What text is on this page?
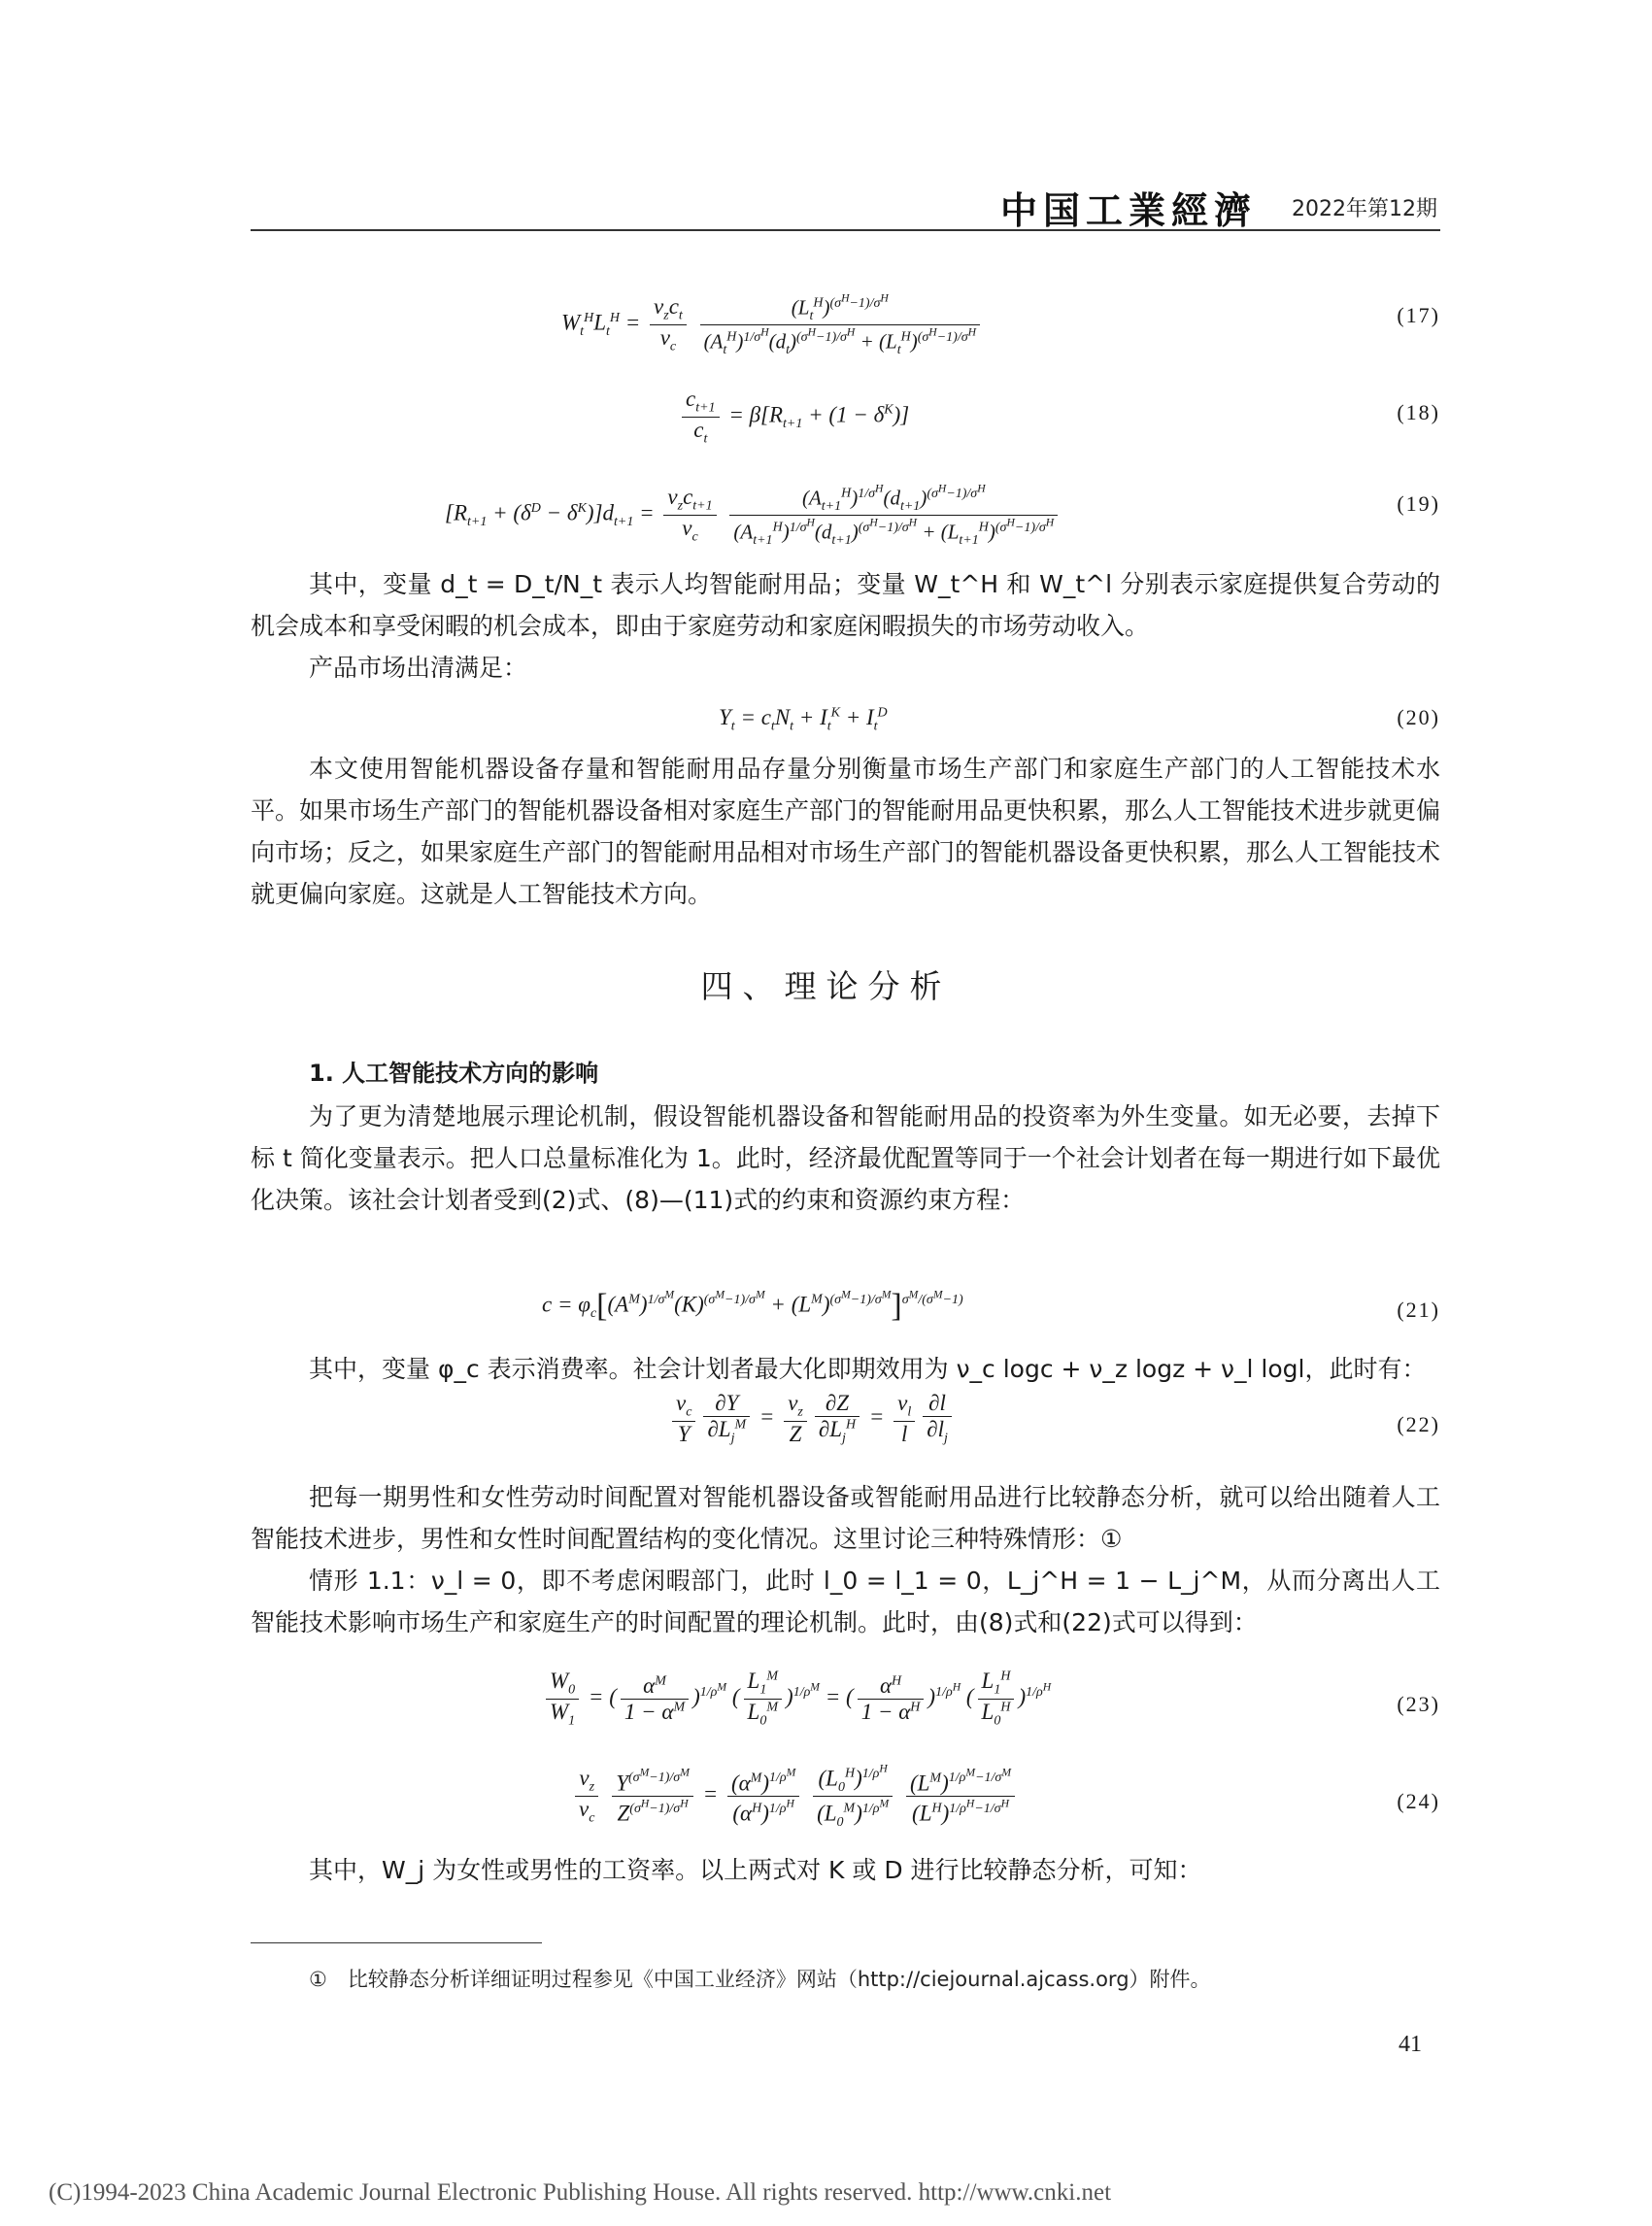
中国工業經濟 2022年第12期
$W_t^HL_t^H = \frac{\nu_zc_t}{\nu_c}$
$\frac{(L_t^H)^{(\sigma^H-1)/\sigma^H}}{(A_t^H)^{1/\sigma^H}(d_t)^{(\sigma^H-1)/\sigma^H} + (L_t^H)^{(\sigma^H-1)/\sigma^H}}$	(17)
$\frac{c_{t+1}}{c_t} = \beta[R_{t+1} + (1 - \delta^K)]$	(18)
$[R_{t+1} + (\delta^D - \delta^K)]d_{t+1} = \frac{\nu_zc_{t+1}}{\nu_c}$
$\frac{(A_{t+1}^H)^{1/\sigma^H}(d_{t+1})^{(\sigma^H-1)/\sigma^H}}{(A_{t+1}^H)^{1/\sigma^H}(d_{t+1})^{(\sigma^H-1)/\sigma^H} + (L_{t+1}^H)^{(\sigma^H-1)/\sigma^H}}$	(19)
其中，变量 d_t = D_t/N_t 表示人均智能耐用品；变量 W_t^H 和 W_t^l 分别表示家庭提供复合劳动的机会成本和享受闲暇的机会成本，即由于家庭劳动和家庭闲暇损失的市场劳动收入。
产品市场出清满足：
$Y_t = c_tN_t + I_t^K + I_t^D$	(20)
本文使用智能机器设备存量和智能耐用品存量分别衡量市场生产部门和家庭生产部门的人工智能技术水平。如果市场生产部门的智能机器设备相对家庭生产部门的智能耐用品更快积累，那么人工智能技术进步就更偏向市场；反之，如果家庭生产部门的智能耐用品相对市场生产部门的智能机器设备更快积累，那么人工智能技术就更偏向家庭。这就是人工智能技术方向。
四、理论分析
1. 人工智能技术方向的影响
为了更为清楚地展示理论机制，假设智能机器设备和智能耐用品的投资率为外生变量。如无必要，去掉下标 t 简化变量表示。把人口总量标准化为 1。此时，经济最优配置等同于一个社会计划者在每一期进行如下最优化决策。该社会计划者受到(2)式、(8)—(11)式的约束和资源约束方程：
$c = \varphi_c[(A^M)^{1/\sigma^M}(K)^{(\sigma^M-1)/\sigma^M} + (L^M)^{(\sigma^M-1)/\sigma^M}]^{\sigma^M/(\sigma^M-1)}$	(21)
其中，变量 φ_c 表示消费率。社会计划者最大化即期效用为 ν_c logc + ν_z logz + ν_l logl，此时有：
$\frac{\nu_c}{Y} \frac{\partial Y}{\partial L_j^M} = \frac{\nu_z}{Z} \frac{\partial Z}{\partial L_j^H} = \frac{\nu_l}{l} \frac{\partial l}{\partial l_j}$	(22)
把每一期男性和女性劳动时间配置对智能机器设备或智能耐用品进行比较静态分析，就可以给出随着人工智能技术进步，男性和女性时间配置结构的变化情况。这里讨论三种特殊情形：①
情形 1.1：ν_l = 0，即不考虑闲暇部门，此时 l_0 = l_1 = 0，L_j^H = 1 − L_j^M，从而分离出人工智能技术影响市场生产和家庭生产的时间配置的理论机制。此时，由(8)式和(22)式可以得到：
$\frac{W_0}{W_1}$ = ( $\frac{\alpha^M}{1 - \alpha^M} )^{1/\rho^M}$ ( $\frac{L_1^M}{L_0^M} )^{1/\rho^M}$ = ( $\frac{\alpha^H}{1 - \alpha^H} )^{1/\rho^H}$ ( $\frac{L_1^H}{L_0^H} )^{1/\rho^H}$
(23)
$\frac{\nu_z}{\nu_c}$
$\frac{Y^{(\sigma^M-1)/\sigma^M}}{Z^{(\sigma^H-1)/\sigma^H}} = \frac{(\alpha^M)^{1/\rho^M}}{(\alpha^H)^{1/\rho^H}}$
$\frac{(L_0^H)^{1/\rho^H}}{(L_0^M)^{1/\rho^M}}$
$\frac{(L^M)^{1/\rho^M-1/\sigma^M}}{(L^H)^{1/\rho^H-1/\sigma^H}}$	(24)
其中，W_j 为女性或男性的工资率。以上两式对 K 或 D 进行比较静态分析，可知：
①　比较静态分析详细证明过程参见《中国工业经济》网站（http://ciejournal.ajcass.org）附件。
41
(C)1994-2023 China Academic Journal Electronic Publishing House. All rights reserved. http://www.cnki.net
